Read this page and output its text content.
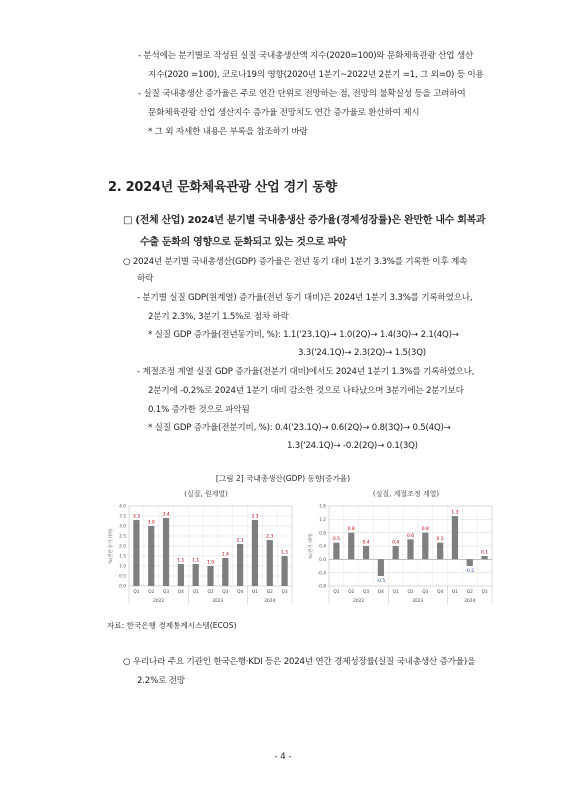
- 분석에는 분기별로 작성된 실질 국내총생산액 지수(2020=100)와 문화체육관광 산업 생산
지수(2020 =100), 코로나19의 영향(2020년 1분기~2022년 2분기 =1, 그 외=0) 등 이용
- 실질 국내총생산 증가율은 주로 연간 단위로 전망하는 점, 전망의 불확실성 등을 고려하여
문화체육관광 산업 생산지수 증가율 전망치도 연간 증가율로 환산하여 제시
* 그 외 자세한 내용은 부록을 참조하기 바람
2. 2024년 문화체육관광 산업 경기 동향
□ (전체 산업) 2024년 분기별 국내총생산 증가율(경제성장률)은 완만한 내수 회복과
수출 둔화의 영향으로 둔화되고 있는 것으로 파악
○ 2024년 분기별 국내총생산(GDP) 증가율은 전년 동기 대비 1분기 3.3%를 기록한 이후 계속
하락
- 분기별 실질 GDP(원계열) 증가율(전년 동기 대비)은 2024년 1분기 3.3%를 기록하였으나,
2분기 2.3%, 3분기 1.5%로 점차 하락
* 실질 GDP 증가율(전년동기비, %): 1.1('23.1Q)→ 1.0(2Q)→ 1.4(3Q)→ 2.1(4Q)→
3.3('24.1Q)→ 2.3(2Q)→ 1.5(3Q)
- 계절조정 계열 실질 GDP 증가율(전분기 대비)에서도 2024년 1분기 1.3%를 기록하였으나,
2분기에 -0.2%로 2024년 1분기 대비 감소한 것으로 나타났으며 3분기에는 2분기보다
0.1% 증가한 것으로 파악됨
* 실질 GDP 증가율(전분기비, %): 0.4('23.1Q)→ 0.6(2Q)→ 0.8(3Q)→ 0.5(4Q)→
1.3('24.1Q)→ -0.2(2Q)→ 0.1(3Q)
[그림 2] 국내총생산(GDP) 동향(증가율)
(실질, 원계열)
0.0
0.5
1.0
1.5
2.0
2.5
3.0
3.5
4.0
%(전년 동기 대비)
3.3
Q1
3.0
Q2
3.4
Q3
1.1
Q4
1.1
Q1
1.0
Q2
1.4
Q3
2.1
Q4
3.3
Q1
2.3
Q2
1.5
Q3
2022	2023	2024
(실질, 계절조정 계열)
-0.8
-0.4
0.0
0.4
0.8
1.2
1.6
%(전기 대비)	0.5
Q1
0.8
Q2
0.4
Q3
-0.5
Q4
0.4
Q1
0.6
Q2
0.8
Q3
0.5
Q4
1.3
Q1
-0.2
Q2
0.1
Q3
2022	2023	2024
자료: 한국은행 경제통계시스템(ECOS)
○ 우리나라 주요 기관인 한국은행·KDI 등은 2024년 연간 경제성장률(실질 국내총생산 증가율)을
2.2%로 전망
- 4 -
